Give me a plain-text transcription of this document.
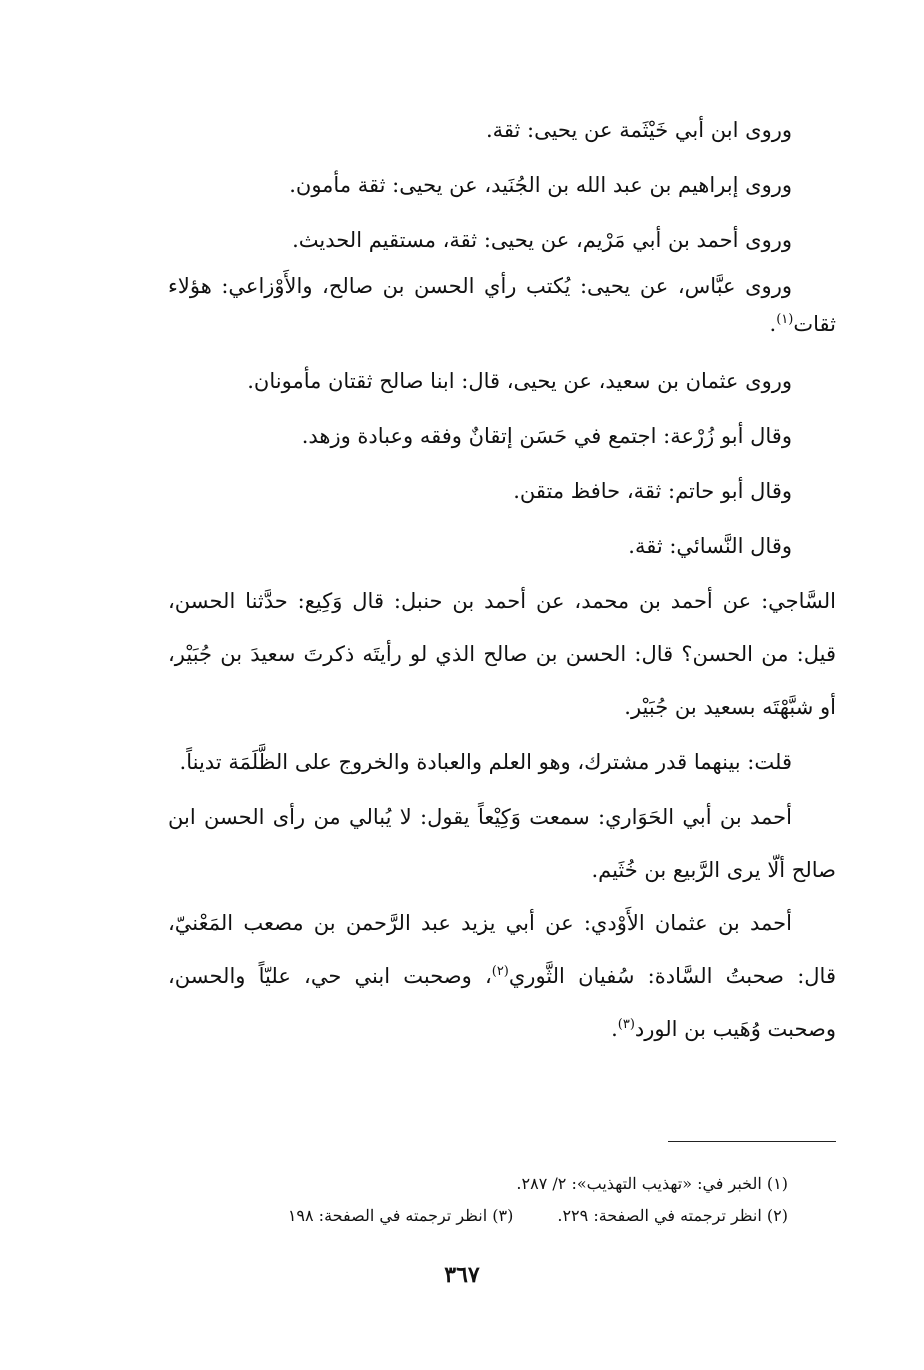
وروى ابن أبي خَيْثَمة عن يحيى: ثقة.

وروى إبراهيم بن عبد الله بن الجُنَيد، عن يحيى: ثقة مأمون.

وروى أحمد بن أبي مَرْيم، عن يحيى: ثقة، مستقيم الحديث.

وروى عبَّاس، عن يحيى: يُكتب رأي الحسن بن صالح، والأَوْزاعي: هؤلاء ثقات$^{(١)}$.

وروى عثمان بن سعيد، عن يحيى، قال: ابنا صالح ثقتان مأمونان.

وقال أبو زُرْعة: اجتمع في حَسَن إتقانٌ وفقه وعبادة وزهد.

وقال أبو حاتم: ثقة، حافظ متقن.

وقال النَّسائي: ثقة.

السَّاجي: عن أحمد بن محمد، عن أحمد بن حنبل: قال وَكِيع: حدَّثنا الحسن، قيل: من الحسن؟ قال: الحسن بن صالح الذي لو رأيتَه ذكرتَ سعيدَ بن جُبَيْر، أو شبَّهْتَه بسعيد بن جُبَيْر.

قلت: بينهما قدر مشترك، وهو العلم والعبادة والخروج على الظَّلَمَة تديناً.

أحمد بن أبي الحَوَاري: سمعت وَكِيْعاً يقول: لا يُبالي من رأى الحسن ابن صالح ألّا يرى الرَّبيع بن خُثَيم.

أحمد بن عثمان الأَوْدي: عن أبي يزيد عبد الرَّحمن بن مصعب المَعْنيّ، قال: صحبتُ السَّادة: سُفيان الثَّوري$^{(٢)}$، وصحبت ابني حي، عليّاً والحسن، وصحبت وُهَيب بن الورد$^{(٣)}$.

(١) الخبر في: «تهذيب التهذيب»: ٢/ ٢٨٧.
(٢) انظر ترجمته في الصفحة: ٢٢٩.(٣) انظر ترجمته في الصفحة: ١٩٨
٣٦٧
